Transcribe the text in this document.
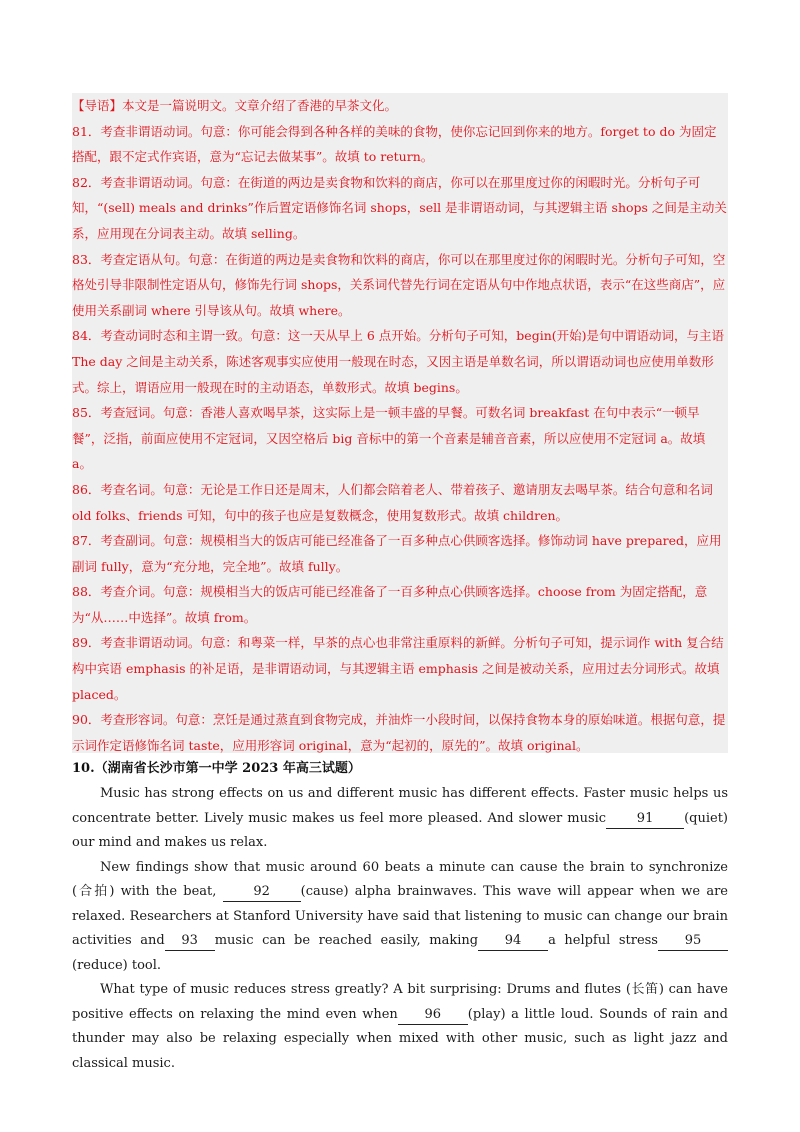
【导语】本文是一篇说明文。文章介绍了香港的早茶文化。

81．考查非谓语动词。句意：你可能会得到各种各样的美味的食物，使你忘记回到你来的地方。forget to do 为固定搭配，跟不定式作宾语，意为“忘记去做某事”。故填 to return。

82．考查非谓语动词。句意：在街道的两边是卖食物和饮料的商店，你可以在那里度过你的闲暇时光。分析句子可知，“(sell) meals and drinks”作后置定语修饰名词 shops，sell 是非谓语动词，与其逻辑主语 shops 之间是主动关系，应用现在分词表主动。故填 selling。

83．考查定语从句。句意：在街道的两边是卖食物和饮料的商店，你可以在那里度过你的闲暇时光。分析句子可知，空格处引导非限制性定语从句，修饰先行词 shops，关系词代替先行词在定语从句中作地点状语，表示“在这些商店”，应使用关系副词 where 引导该从句。故填 where。

84．考查动词时态和主谓一致。句意：这一天从早上 6 点开始。分析句子可知，begin(开始)是句中谓语动词，与主语 The day 之间是主动关系，陈述客观事实应使用一般现在时态，又因主语是单数名词，所以谓语动词也应使用单数形式。综上，谓语应用一般现在时的主动语态，单数形式。故填 begins。

85．考查冠词。句意：香港人喜欢喝早茶，这实际上是一顿丰盛的早餐。可数名词 breakfast 在句中表示“一顿早餐”，泛指，前面应使用不定冠词，又因空格后 big 音标中的第一个音素是辅音音素，所以应使用不定冠词 a。故填 a。

86．考查名词。句意：无论是工作日还是周末，人们都会陪着老人、带着孩子、邀请朋友去喝早茶。结合句意和名词 old folks、friends 可知，句中的孩子也应是复数概念，使用复数形式。故填 children。

87．考查副词。句意：规模相当大的饭店可能已经准备了一百多种点心供顾客选择。修饰动词 have prepared，应用副词 fully，意为“充分地，完全地”。故填 fully。

88．考查介词。句意：规模相当大的饭店可能已经准备了一百多种点心供顾客选择。choose from 为固定搭配，意为“从……中选择”。故填 from。

89．考查非谓语动词。句意：和粤菜一样，早茶的点心也非常注重原料的新鲜。分析句子可知，提示词作 with 复合结构中宾语 emphasis 的补足语，是非谓语动词，与其逻辑主语 emphasis 之间是被动关系，应用过去分词形式。故填 placed。

90．考查形容词。句意：烹饪是通过蒸直到食物完成，并油炸一小段时间，以保持食物本身的原始味道。根据句意，提示词作定语修饰名词 taste，应用形容词 original，意为“起初的，原先的”。故填 original。

10.（湖南省长沙市第一中学 2023 年高三试题）

Music has strong effects on us and different music has different effects. Faster music helps us concentrate better. Lively music makes us feel more pleased. And slower music 91 (quiet) our mind and makes us relax.

New findings show that music around 60 beats a minute can cause the brain to synchronize (合拍) with the beat, 92 (cause) alpha brainwaves. This wave will appear when we are relaxed. Researchers at Stanford University have said that listening to music can change our brain activities and 93 music can be reached easily, making 94 a helpful stress 95(reduce) tool.

What type of music reduces stress greatly? A bit surprising: Drums and flutes (长笛) can have positive effects on relaxing the mind even when 96 (play) a little loud. Sounds of rain and thunder may also be relaxing especially when mixed with other music, such as light jazz and classical music.
